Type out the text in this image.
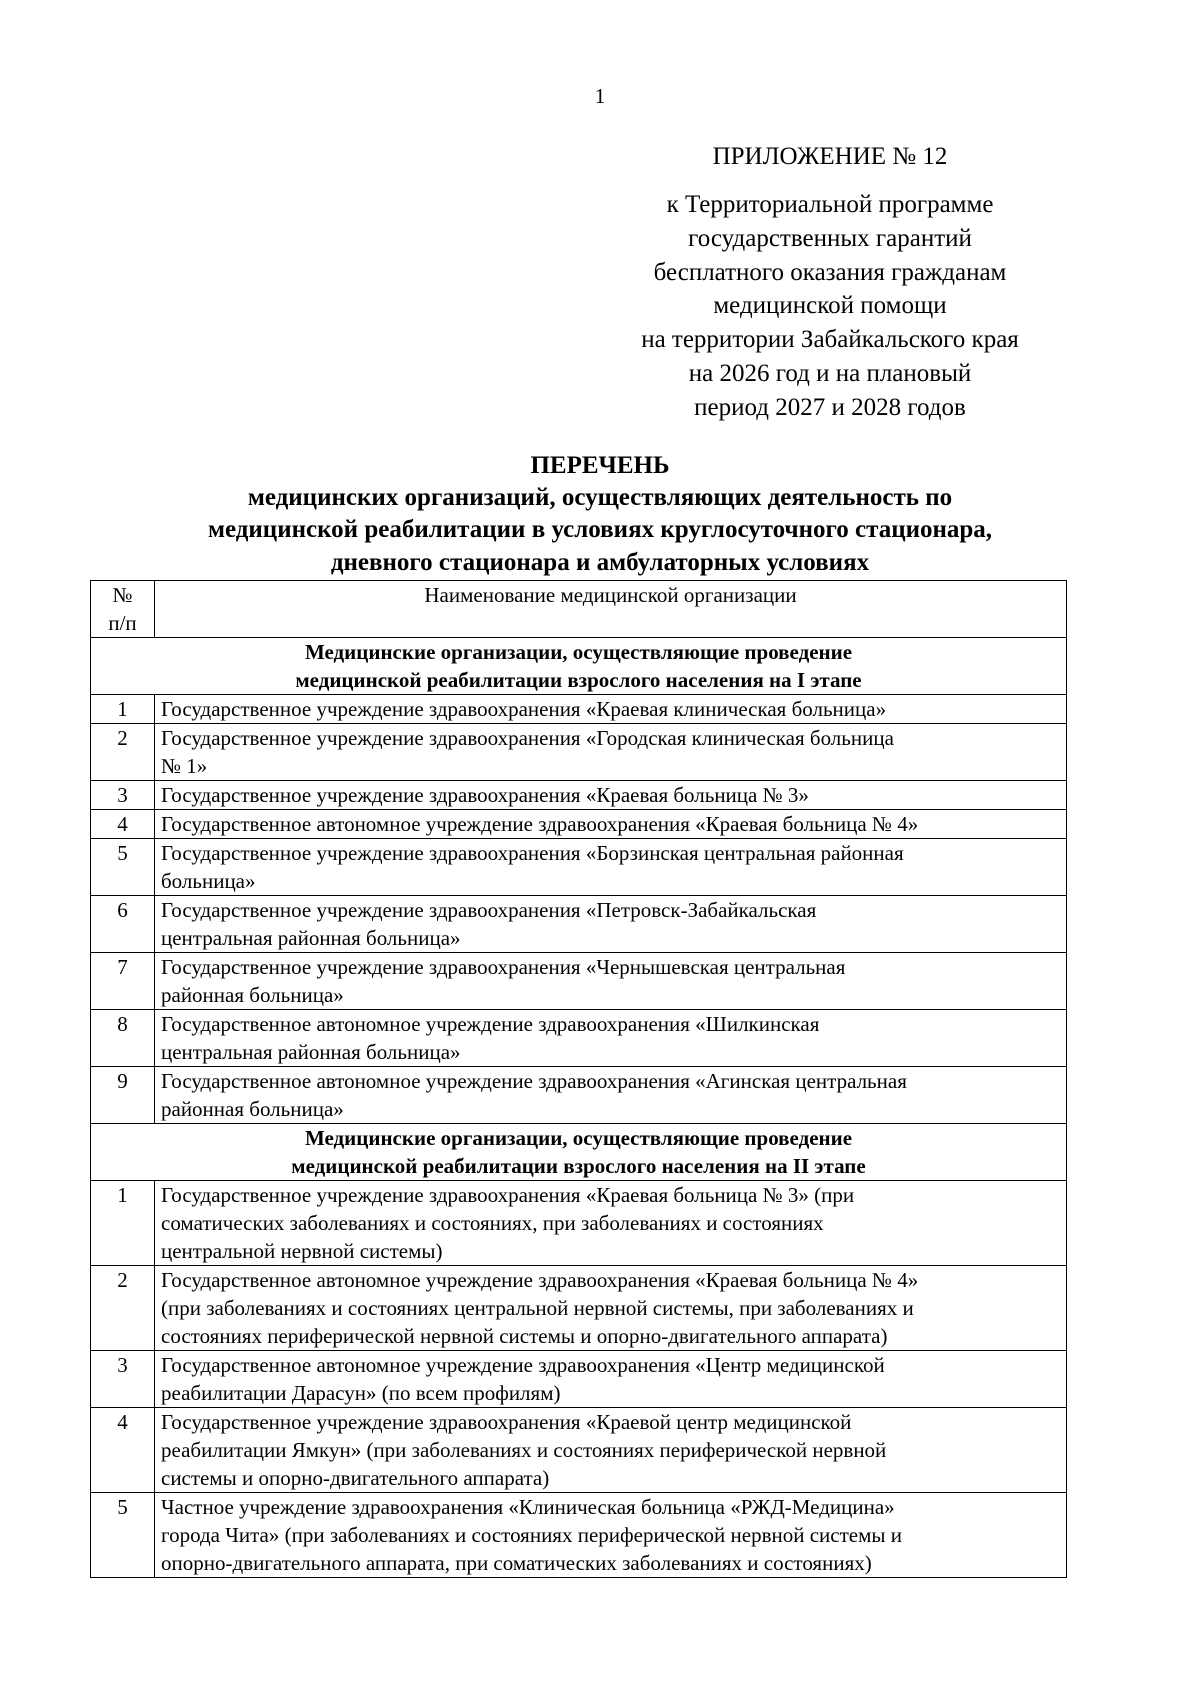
1
ПРИЛОЖЕНИЕ № 12
к Территориальной программе
государственных гарантий
бесплатного оказания гражданам
медицинской помощи
на территории Забайкальского края
на 2026 год и на плановый
период 2027 и 2028 годов
ПЕРЕЧЕНЬ
медицинских организаций, осуществляющих деятельность по
медицинской реабилитации в условиях круглосуточного стационара,
дневного стационара и амбулаторных условиях
№
п/п	Наименование медицинской организации

Медицинские организации, осуществляющие проведение
медицинской реабилитации взрослого населения на I этапе	

1	Государственное учреждение здравоохранения «Краевая клиническая больница»

2	Государственное учреждение здравоохранения «Городская клиническая больница
№ 1»

3	Государственное учреждение здравоохранения «Краевая больница № 3»

4	Государственное автономное учреждение здравоохранения «Краевая больница № 4»

5	Государственное учреждение здравоохранения «Борзинская центральная районная
больница»

6	Государственное учреждение здравоохранения «Петровск-Забайкальская
центральная районная больница»

7	Государственное учреждение здравоохранения «Чернышевская центральная
районная больница»

8	Государственное автономное учреждение здравоохранения «Шилкинская
центральная районная больница»

9	Государственное автономное учреждение здравоохранения «Агинская центральная
районная больница»

Медицинские организации, осуществляющие проведение
медицинской реабилитации взрослого населения на II этапе	

1	Государственное учреждение здравоохранения «Краевая больница № 3» (при
соматических заболеваниях и состояниях, при заболеваниях и состояниях
центральной нервной системы)

2	Государственное автономное учреждение здравоохранения «Краевая больница № 4»
(при заболеваниях и состояниях центральной нервной системы, при заболеваниях и
состояниях периферической нервной системы и опорно-двигательного аппарата)

3	Государственное автономное учреждение здравоохранения «Центр медицинской
реабилитации Дарасун» (по всем профилям)

4	Государственное учреждение здравоохранения «Краевой центр медицинской
реабилитации Ямкун» (при заболеваниях и состояниях периферической нервной
системы и опорно-двигательного аппарата)

5	Частное учреждение здравоохранения «Клиническая больница «РЖД-Медицина»
города Чита» (при заболеваниях и состояниях периферической нервной системы и
опорно-двигательного аппарата, при соматических заболеваниях и состояниях)
